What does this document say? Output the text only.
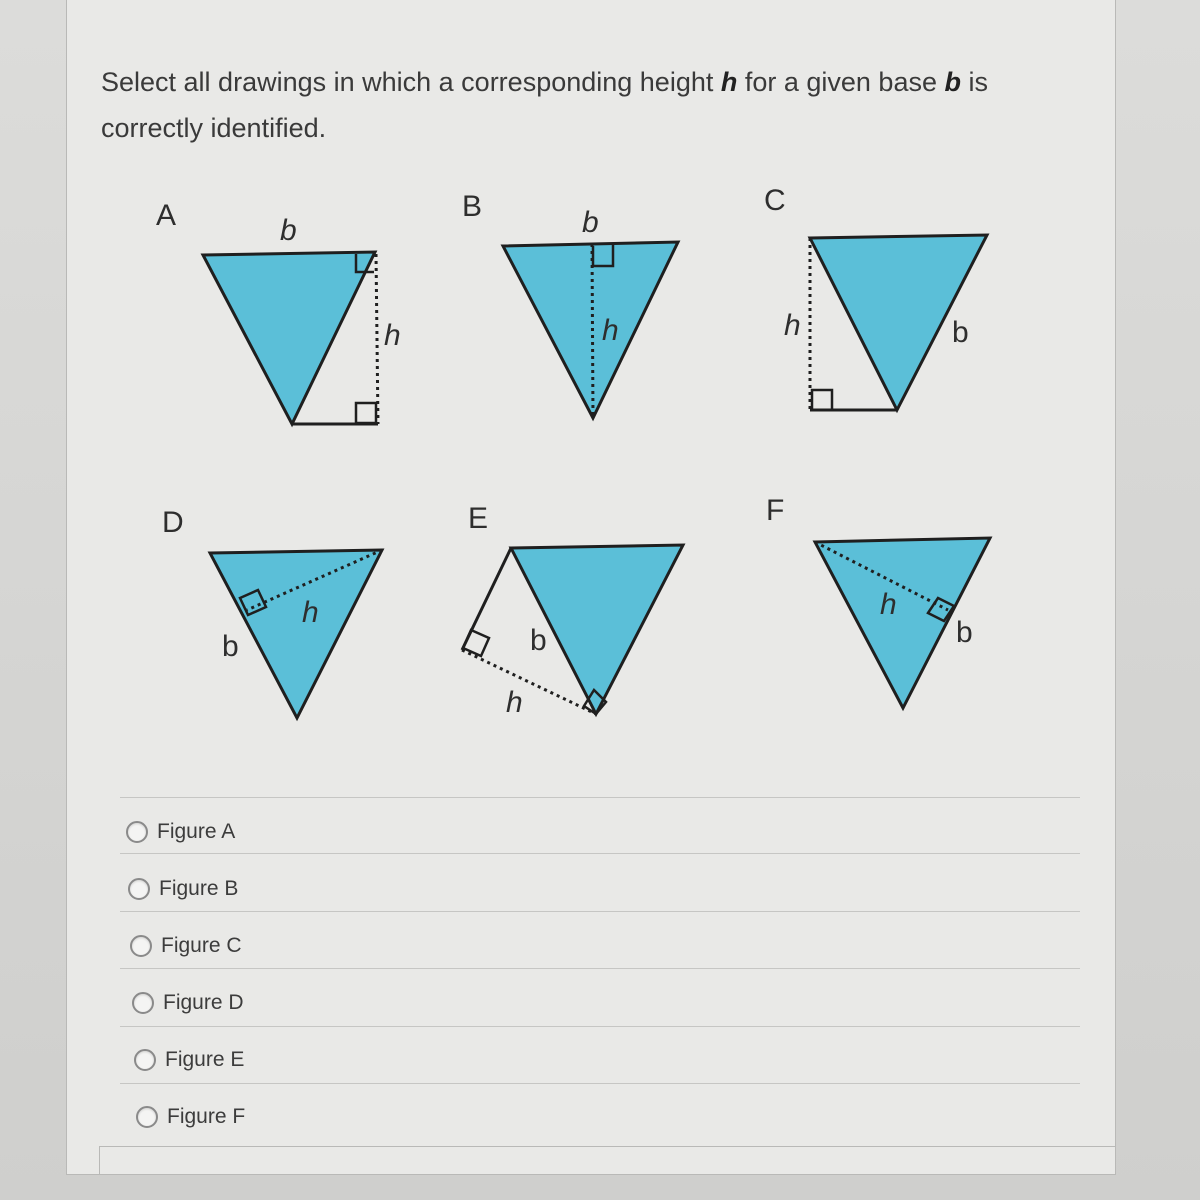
Select all drawings in which a corresponding height h for a given base b is correctly identified.
A	b
h
B	b
h
C
h	b
D
h
b
E
b
h
F
h
b
Figure A
Figure B
Figure C
Figure D
Figure E
Figure F
